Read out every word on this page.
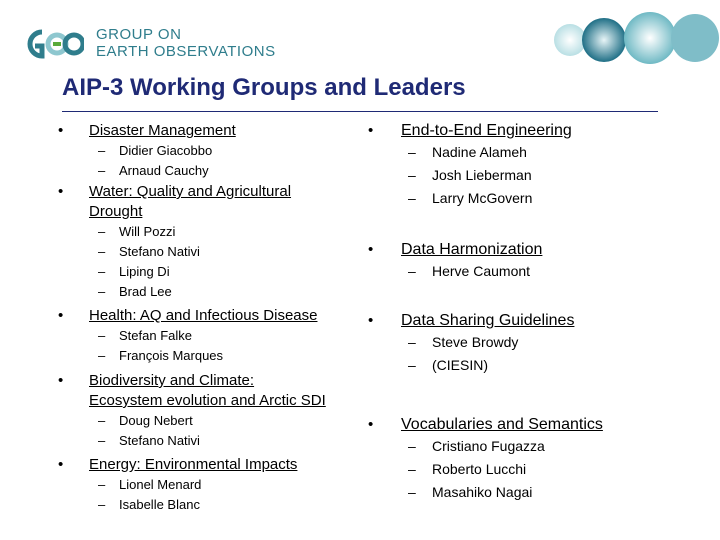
GROUP ON
EARTH OBSERVATIONS
AIP-3 Working Groups and Leaders
• Disaster Management
– Didier Giacobbo
– Arnaud Cauchy
• Water: Quality and Agricultural Drought
– Will Pozzi
– Stefano Nativi
– Liping Di
– Brad Lee
• Health: AQ and Infectious Disease
– Stefan Falke
– François Marques
• Biodiversity and Climate: Ecosystem evolution and Arctic SDI
– Doug Nebert
– Stefano Nativi
• Energy: Environmental Impacts
– Lionel Menard
– Isabelle Blanc
• End-to-End Engineering
– Nadine Alameh
– Josh Lieberman
– Larry McGovern
• Data Harmonization
– Herve Caumont
• Data Sharing Guidelines
– Steve Browdy
– (CIESIN)
• Vocabularies and Semantics
– Cristiano Fugazza
– Roberto Lucchi
– Masahiko Nagai
